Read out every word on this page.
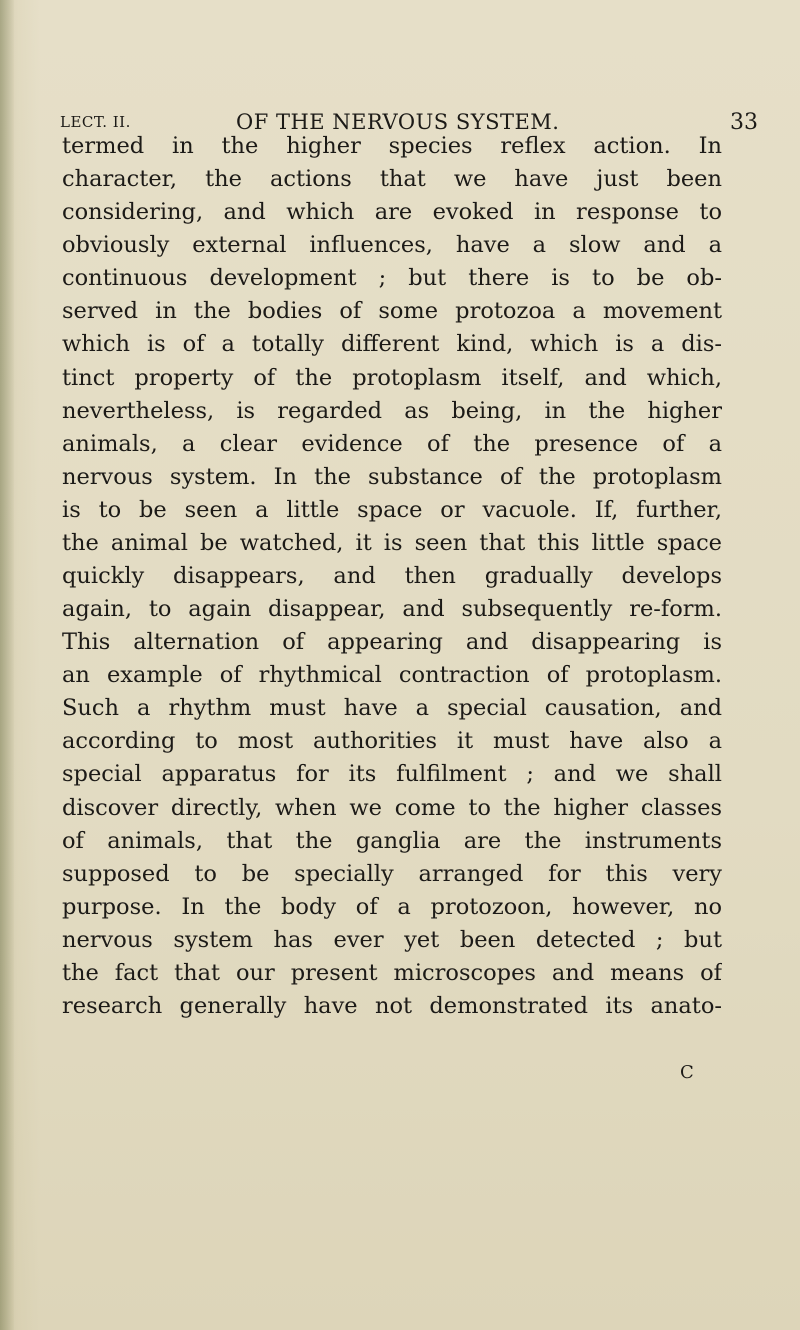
LECT. II.	OF THE NERVOUS SYSTEM.	33
termed in the higher species reflex action. In
character, the actions that we have just been
considering, and which are evoked in response to
obviously external influences, have a slow and a
continuous development ; but there is to be ob-
served in the bodies of some protozoa a movement
which is of a totally different kind, which is a dis-
tinct property of the protoplasm itself, and which,
nevertheless, is regarded as being, in the higher
animals, a clear evidence of the presence of a
nervous system. In the substance of the protoplasm
is to be seen a little space or vacuole. If, further,
the animal be watched, it is seen that this little space
quickly disappears, and then gradually develops
again, to again disappear, and subsequently re-form.
This alternation of appearing and disappearing is
an example of rhythmical contraction of protoplasm.
Such a rhythm must have a special causation, and
according to most authorities it must have also a
special apparatus for its fulfilment ; and we shall
discover directly, when we come to the higher classes
of animals, that the ganglia are the instruments
supposed to be specially arranged for this very
purpose. In the body of a protozoon, however, no
nervous system has ever yet been detected ; but
the fact that our present microscopes and means of
research generally have not demonstrated its anato-
C
